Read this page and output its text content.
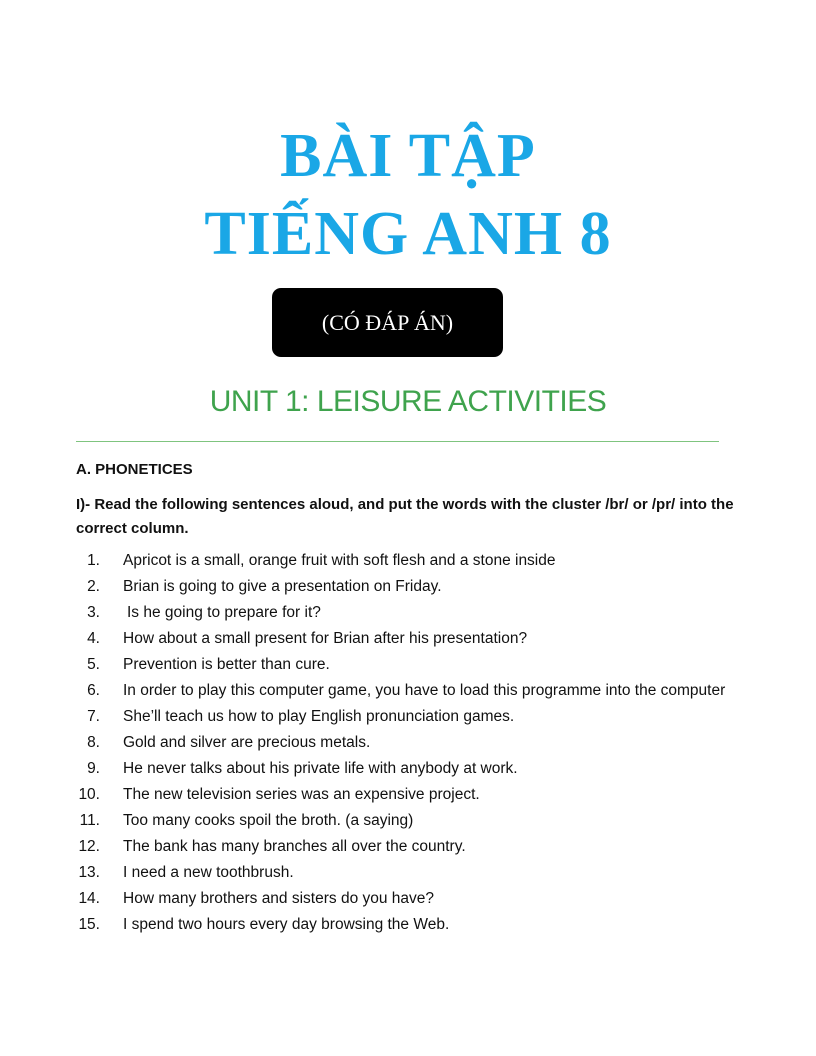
BÀI TẬP
TIẾNG ANH 8
(CÓ ĐÁP ÁN)
UNIT 1: LEISURE ACTIVITIES
A. PHONETICES
I)- Read the following sentences aloud, and put the words with the cluster /br/ or /pr/ into the correct column.
1. Apricot is a small, orange fruit with soft flesh and a stone inside
2. Brian is going to give a presentation on Friday.
3. Is he going to prepare for it?
4. How about a small present for Brian after his presentation?
5. Prevention is better than cure.
6. In order to play this computer game, you have to load this programme into the computer
7. She’ll teach us how to play English pronunciation games.
8. Gold and silver are precious metals.
9. He never talks about his private life with anybody at work.
10. The new television series was an expensive project.
11. Too many cooks spoil the broth. (a saying)
12. The bank has many branches all over the country.
13. I need a new toothbrush.
14. How many brothers and sisters do you have?
15. I spend two hours every day browsing the Web.
